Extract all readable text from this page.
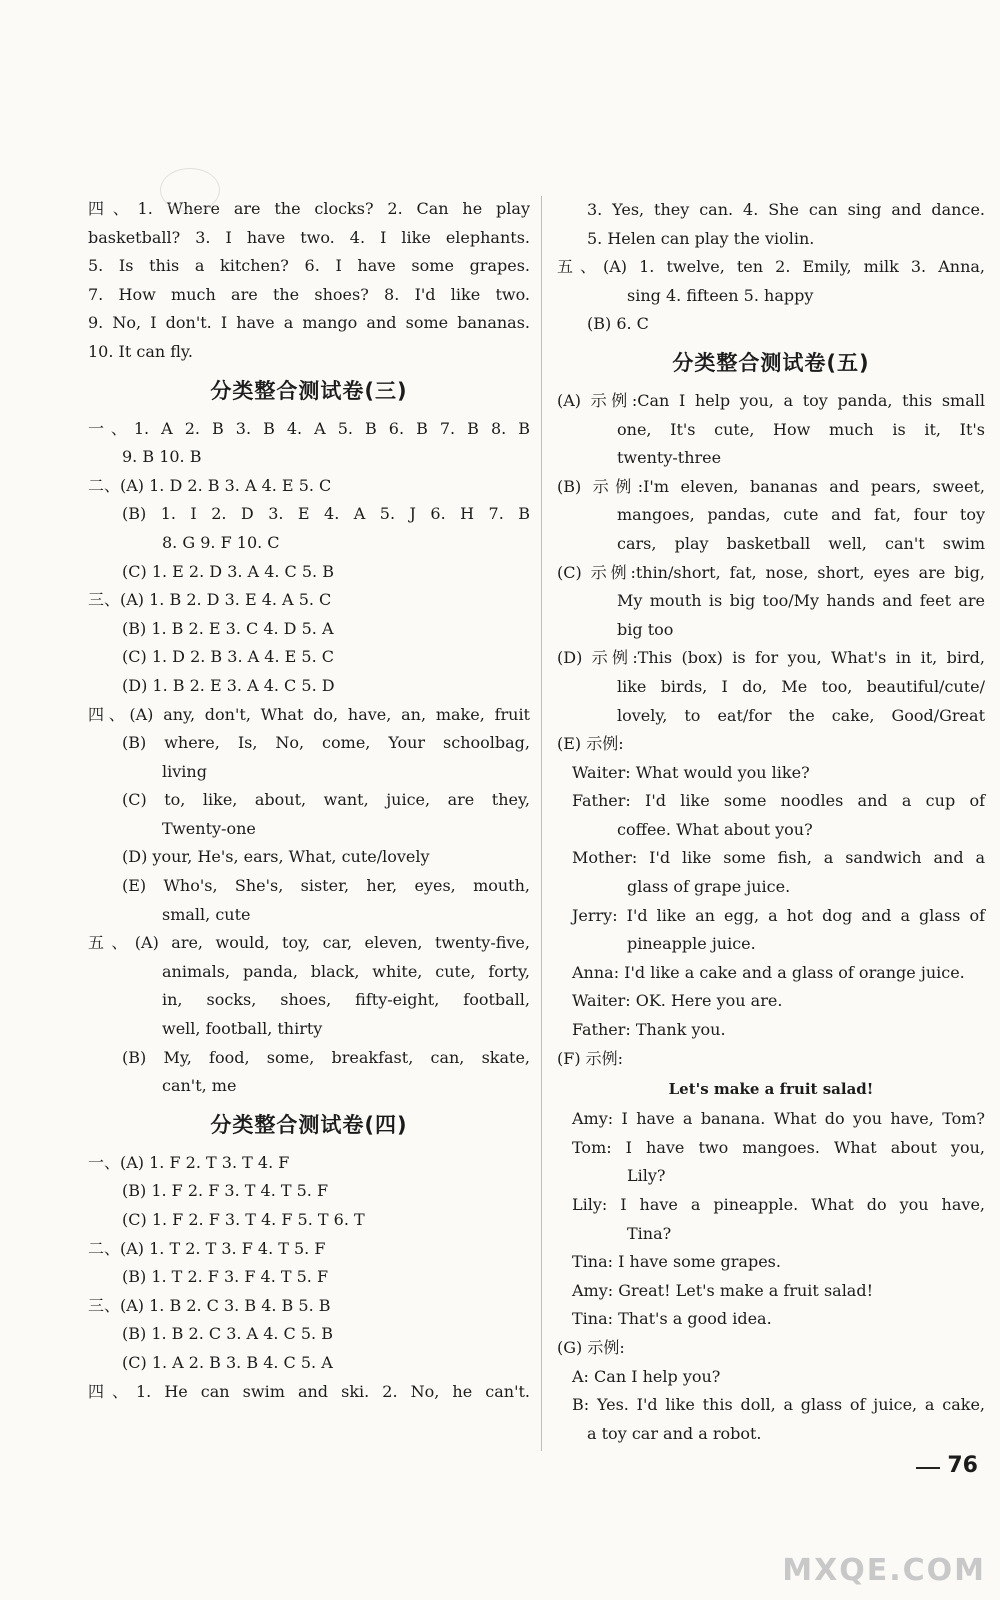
四、1. Where are the clocks? 2. Can he play
basketball? 3. I have two. 4. I like elephants.
5. Is this a kitchen? 6. I have some grapes.
7. How much are the shoes? 8. I'd like two.
9. No, I don't. I have a mango and some bananas.
10. It can fly.
分类整合测试卷(三)
一、1. A 2. B 3. B 4. A 5. B 6. B 7. B 8. B
9. B 10. B
二、(A) 1. D 2. B 3. A 4. E 5. C
(B) 1. I 2. D 3. E 4. A 5. J 6. H 7. B
8. G 9. F 10. C
(C) 1. E 2. D 3. A 4. C 5. B
三、(A) 1. B 2. D 3. E 4. A 5. C
(B) 1. B 2. E 3. C 4. D 5. A
(C) 1. D 2. B 3. A 4. E 5. C
(D) 1. B 2. E 3. A 4. C 5. D
四、(A) any, don't, What do, have, an, make, fruit
(B) where, Is, No, come, Your schoolbag,
living
(C) to, like, about, want, juice, are they,
Twenty-one
(D) your, He's, ears, What, cute/lovely
(E) Who's, She's, sister, her, eyes, mouth,
small, cute
五、(A) are, would, toy, car, eleven, twenty-five,
animals, panda, black, white, cute, forty,
in, socks, shoes, fifty-eight, football,
well, football, thirty
(B) My, food, some, breakfast, can, skate,
can't, me
分类整合测试卷(四)
一、(A) 1. F 2. T 3. T 4. F
(B) 1. F 2. F 3. T 4. T 5. F
(C) 1. F 2. F 3. T 4. F 5. T 6. T
二、(A) 1. T 2. T 3. F 4. T 5. F
(B) 1. T 2. F 3. F 4. T 5. F
三、(A) 1. B 2. C 3. B 4. B 5. B
(B) 1. B 2. C 3. A 4. C 5. B
(C) 1. A 2. B 3. B 4. C 5. A
四、1. He can swim and ski. 2. No, he can't.
3. Yes, they can. 4. She can sing and dance.
5. Helen can play the violin.
五、(A) 1. twelve, ten 2. Emily, milk 3. Anna,
sing 4. fifteen 5. happy
(B) 6. C
分类整合测试卷(五)
(A) 示例:Can I help you, a toy panda, this small
one, It's cute, How much is it, It's
twenty-three
(B) 示例:I'm eleven, bananas and pears, sweet,
mangoes, pandas, cute and fat, four toy
cars, play basketball well, can't swim
(C) 示例:thin/short, fat, nose, short, eyes are big,
My mouth is big too/My hands and feet are
big too
(D) 示例:This (box) is for you, What's in it, bird,
like birds, I do, Me too, beautiful/cute/
lovely, to eat/for the cake, Good/Great
(E) 示例:
Waiter: What would you like?
Father: I'd like some noodles and a cup of
coffee. What about you?
Mother: I'd like some fish, a sandwich and a
glass of grape juice.
Jerry: I'd like an egg, a hot dog and a glass of
pineapple juice.
Anna: I'd like a cake and a glass of orange juice.
Waiter: OK. Here you are.
Father: Thank you.
(F) 示例:
Let's make a fruit salad!
Amy: I have a banana. What do you have, Tom?
Tom: I have two mangoes. What about you,
Lily?
Lily: I have a pineapple. What do you have,
Tina?
Tina: I have some grapes.
Amy: Great! Let's make a fruit salad!
Tina: That's a good idea.
(G) 示例:
A: Can I help you?
B: Yes. I'd like this doll, a glass of juice, a cake,
a toy car and a robot.
76
MXQE.COM
